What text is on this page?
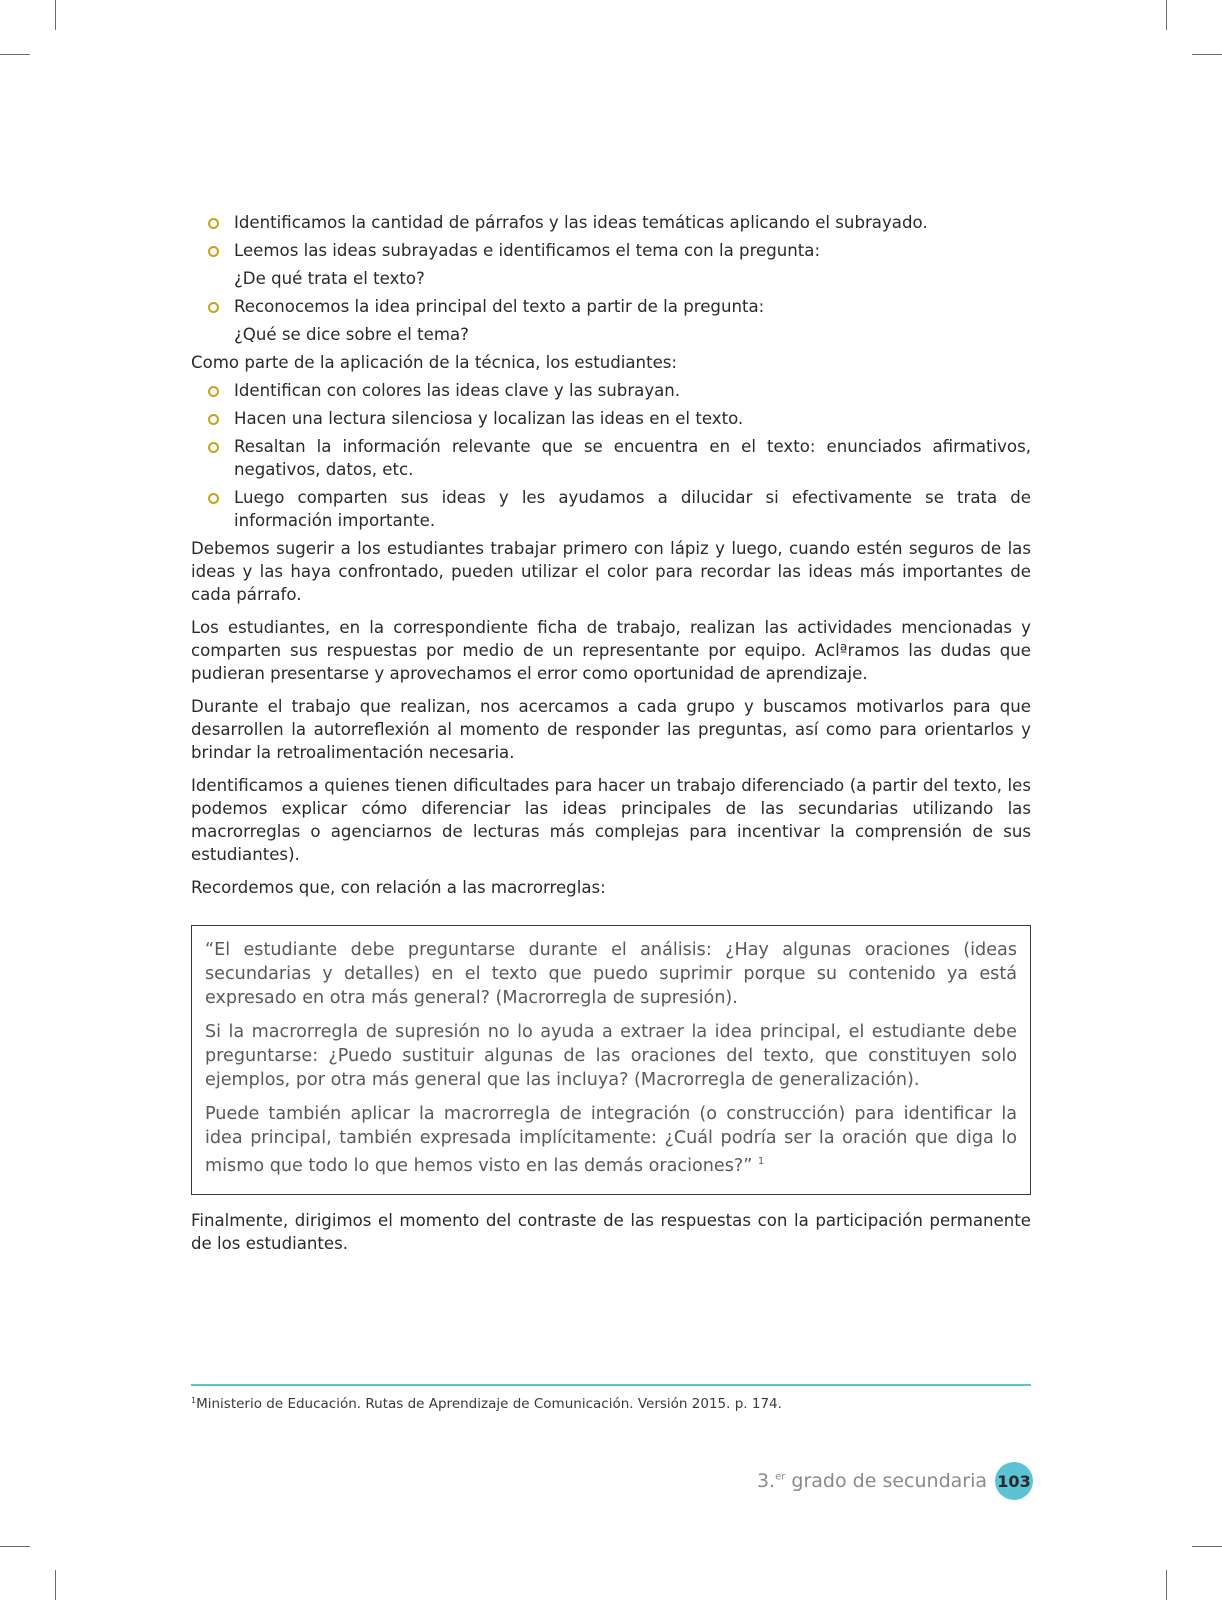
Identificamos la cantidad de párrafos y las ideas temáticas aplicando el subrayado.
Leemos las ideas subrayadas e identificamos el tema con la pregunta:
¿De qué trata el texto?
Reconocemos la idea principal del texto a partir de la pregunta:
¿Qué se dice sobre el tema?

Como parte de la aplicación de la técnica, los estudiantes:

Identifican con colores las ideas clave y las subrayan.
Hacen una lectura silenciosa y localizan las ideas en el texto.
Resaltan la información relevante que se encuentra en el texto: enunciados afirmativos, negativos, datos, etc.
Luego comparten sus ideas y les ayudamos a dilucidar si efectivamente se trata de información importante.

Debemos sugerir a los estudiantes trabajar primero con lápiz y luego, cuando estén seguros de las ideas y las haya confrontado, pueden utilizar el color para recordar las ideas más importantes de cada párrafo.

Los estudiantes, en la correspondiente ficha de trabajo, realizan las actividades mencionadas y comparten sus respuestas por medio de un representante por equipo. Aclªramos las dudas que pudieran presentarse y aprovechamos el error como oportunidad de aprendizaje.

Durante el trabajo que realizan, nos acercamos a cada grupo y buscamos motivarlos para que desarrollen la autorreflexión al momento de responder las preguntas, así como para orientarlos y brindar la retroalimentación necesaria.

Identificamos a quienes tienen dificultades para hacer un trabajo diferenciado (a partir del texto, les podemos explicar cómo diferenciar las ideas principales de las secundarias utilizando las macrorreglas o agenciarnos de lecturas más complejas para incentivar la comprensión de sus estudiantes).

Recordemos que, con relación a las macrorreglas:

“El estudiante debe preguntarse durante el análisis: ¿Hay algunas oraciones (ideas secundarias y detalles) en el texto que puedo suprimir porque su contenido ya está expresado en otra más general? (Macrorregla de supresión).

Si la macrorregla de supresión no lo ayuda a extraer la idea principal, el estudiante debe preguntarse: ¿Puedo sustituir algunas de las oraciones del texto, que constituyen solo ejemplos, por otra más general que las incluya? (Macrorregla de generalización).

Puede también aplicar la macrorregla de integración (o construcción) para identificar la idea principal, también expresada implícitamente: ¿Cuál podría ser la oración que diga lo mismo que todo lo que hemos visto en las demás oraciones?” $^1$

Finalmente, dirigimos el momento del contraste de las respuestas con la participación permanente de los estudiantes.

$^1$Ministerio de Educación. Rutas de Aprendizaje de Comunicación. Versión 2015. p. 174.
3.$^{er}$ grado de secundaria 103
